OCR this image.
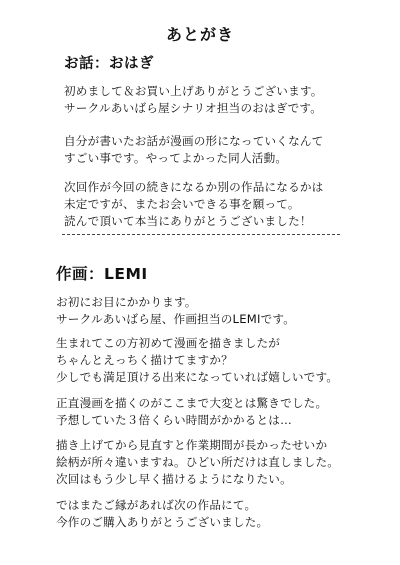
あとがき
お話：おはぎ
初めまして＆お買い上げありがとうございます。
サークルあいばら屋シナリオ担当のおはぎです。
自分が書いたお話が漫画の形になっていくなんて
すごい事です。やってよかった同人活動。
次回作が今回の続きになるか別の作品になるかは
未定ですが、またお会いできる事を願って。
読んで頂いて本当にありがとうございました！
作画：LEMI
お初にお目にかかります。
サークルあいばら屋、作画担当のLEMIです。
生まれてこの方初めて漫画を描きましたが
ちゃんとえっちく描けてますか？
少しでも満足頂ける出来になっていれば嬉しいです。
正直漫画を描くのがここまで大変とは驚きでした。
予想していた３倍くらい時間がかかるとは…
描き上げてから見直すと作業期間が長かったせいか
絵柄が所々違いますね。ひどい所だけは直しました。
次回はもう少し早く描けるようになりたい。
ではまたご縁があれば次の作品にて。
今作のご購入ありがとうございました。
